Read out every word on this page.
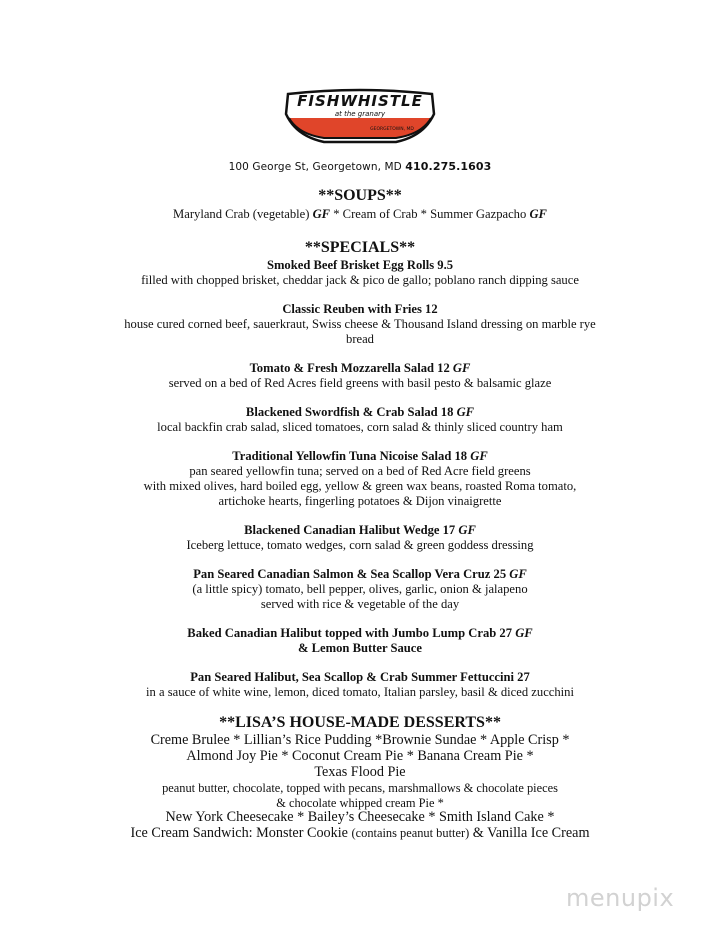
FISHWHISTLE
at the granary
GEORGETOWN, MD
100 George St, Georgetown, MD 410.275.1603
**SOUPS**
Maryland Crab (vegetable) GF * Cream of Crab * Summer Gazpacho GF
**SPECIALS**
Smoked Beef Brisket Egg Rolls 9.5
filled with chopped brisket, cheddar jack & pico de gallo; poblano ranch dipping sauce
Classic Reuben with Fries 12
house cured corned beef, sauerkraut, Swiss cheese & Thousand Island dressing on marble rye
bread
Tomato & Fresh Mozzarella Salad 12 GF
served on a bed of Red Acres field greens with basil pesto & balsamic glaze
Blackened Swordfish & Crab Salad 18 GF
local backfin crab salad, sliced tomatoes, corn salad & thinly sliced country ham
Traditional Yellowfin Tuna Nicoise Salad 18 GF
pan seared yellowfin tuna; served on a bed of Red Acre field greens
with mixed olives, hard boiled egg, yellow & green wax beans, roasted Roma tomato,
artichoke hearts, fingerling potatoes & Dijon vinaigrette
Blackened Canadian Halibut Wedge 17 GF
Iceberg lettuce, tomato wedges, corn salad & green goddess dressing
Pan Seared Canadian Salmon & Sea Scallop Vera Cruz 25 GF
(a little spicy) tomato, bell pepper, olives, garlic, onion & jalapeno
served with rice & vegetable of the day
Baked Canadian Halibut topped with Jumbo Lump Crab 27 GF
& Lemon Butter Sauce
Pan Seared Halibut, Sea Scallop & Crab Summer Fettuccini 27
in a sauce of white wine, lemon, diced tomato, Italian parsley, basil & diced zucchini
**LISA’S HOUSE-MADE DESSERTS**
Creme Brulee * Lillian’s Rice Pudding *Brownie Sundae * Apple Crisp *
Almond Joy Pie * Coconut Cream Pie * Banana Cream Pie *
Texas Flood Pie
peanut butter, chocolate, topped with pecans, marshmallows & chocolate pieces
& chocolate whipped cream Pie *
New York Cheesecake * Bailey’s Cheesecake * Smith Island Cake *
Ice Cream Sandwich: Monster Cookie (contains peanut butter) & Vanilla Ice Cream
menupix
